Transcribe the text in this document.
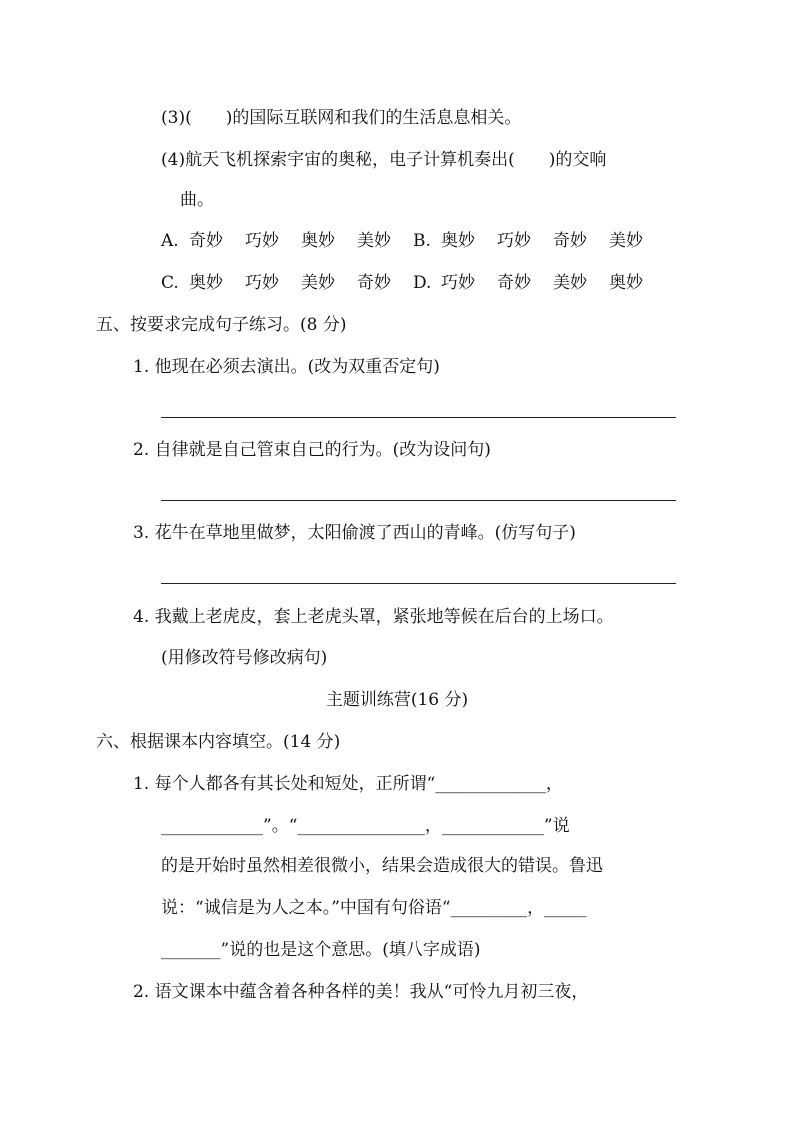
(3)(　　)的国际互联网和我们的生活息息相关。
(4)航天飞机探索宇宙的奥秘，电子计算机奏出(　　)的交响
曲。
A. 奇妙 巧妙 奥妙 美妙 B. 奥妙 巧妙 奇妙 美妙
C. 奥妙 巧妙 美妙 奇妙 D. 巧妙 奇妙 美妙 奥妙
五、按要求完成句子练习。(8 分)
1. 他现在必须去演出。(改为双重否定句)
2. 自律就是自己管束自己的行为。(改为设问句)
3. 花牛在草地里做梦，太阳偷渡了西山的青峰。(仿写句子)
4. 我戴上老虎皮，套上老虎头罩，紧张地等候在后台的上场口。
(用修改符号修改病句)
主题训练营(16 分)
六、根据课本内容填空。(14 分)
1. 每个人都各有其长处和短处，正所谓“_____________，
____________”。“_______________，____________”说
的是开始时虽然相差很微小，结果会造成很大的错误。鲁迅
说：“诚信是为人之本。”中国有句俗语“_________，_____
_______”说的也是这个意思。(填八字成语)
2. 语文课本中蕴含着各种各样的美！我从“可怜九月初三夜，
